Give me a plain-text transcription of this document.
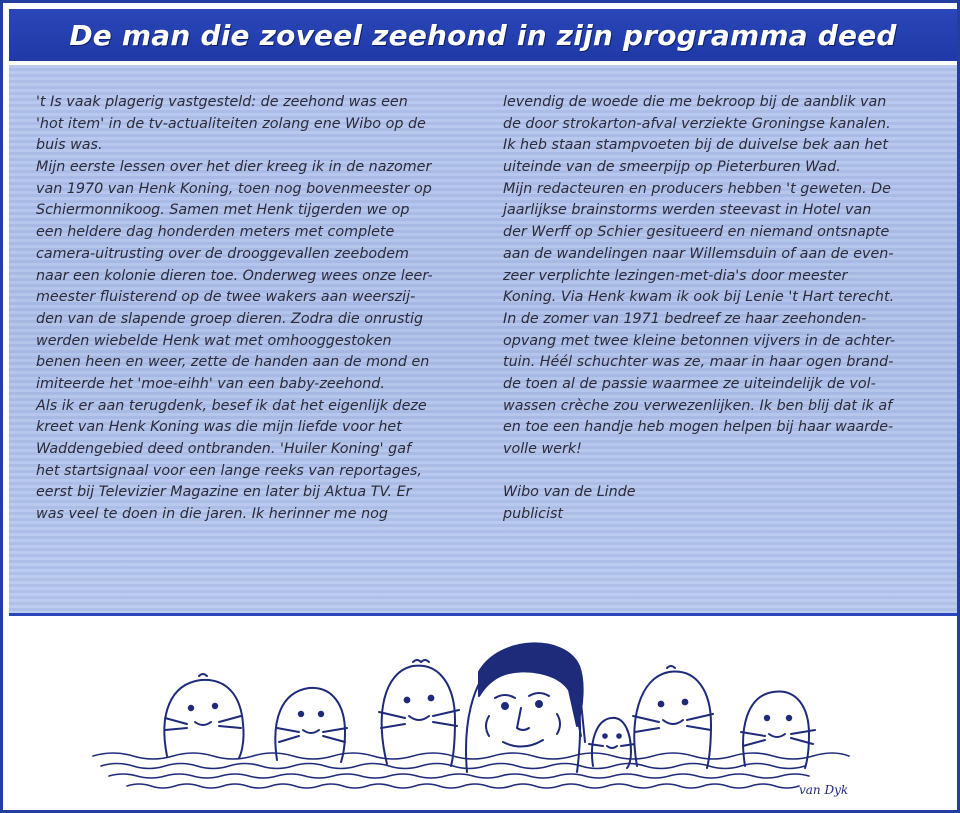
De man die zoveel zeehond in zijn programma deed
't Is vaak plagerig vastgesteld: de zeehond was een
'hot item' in de tv-actualiteiten zolang ene Wibo op de
buis was.
Mijn eerste lessen over het dier kreeg ik in de nazomer
van 1970 van Henk Koning, toen nog bovenmeester op
Schiermonnikoog. Samen met Henk tijgerden we op
een heldere dag honderden meters met complete
camera-uitrusting over de drooggevallen zeebodem
naar een kolonie dieren toe. Onderweg wees onze leer-
meester fluisterend op de twee wakers aan weerszij-
den van de slapende groep dieren. Zodra die onrustig
werden wiebelde Henk wat met omhooggestoken
benen heen en weer, zette de handen aan de mond en
imiteerde het 'moe-eihh' van een baby-zeehond.
Als ik er aan terugdenk, besef ik dat het eigenlijk deze
kreet van Henk Koning was die mijn liefde voor het
Waddengebied deed ontbranden. 'Huiler Koning' gaf
het startsignaal voor een lange reeks van reportages,
eerst bij Televizier Magazine en later bij Aktua TV. Er
was veel te doen in die jaren. Ik herinner me nog
levendig de woede die me bekroop bij de aanblik van
de door strokarton-afval verziekte Groningse kanalen.
Ik heb staan stampvoeten bij de duivelse bek aan het
uiteinde van de smeerpijp op Pieterburen Wad.
Mijn redacteuren en producers hebben 't geweten. De
jaarlijkse brainstorms werden steevast in Hotel van
der Werff op Schier gesitueerd en niemand ontsnapte
aan de wandelingen naar Willemsduin of aan de even-
zeer verplichte lezingen-met-dia's door meester
Koning. Via Henk kwam ik ook bij Lenie 't Hart terecht.
In de zomer van 1971 bedreef ze haar zeehonden-
opvang met twee kleine betonnen vijvers in de achter-
tuin. Héél schuchter was ze, maar in haar ogen brand-
de toen al de passie waarmee ze uiteindelijk de vol-
wassen crèche zou verwezenlijken. Ik ben blij dat ik af
en toe een handje heb mogen helpen bij haar waarde-
volle werk!
Wibo van de Linde
publicist
van Dyk
